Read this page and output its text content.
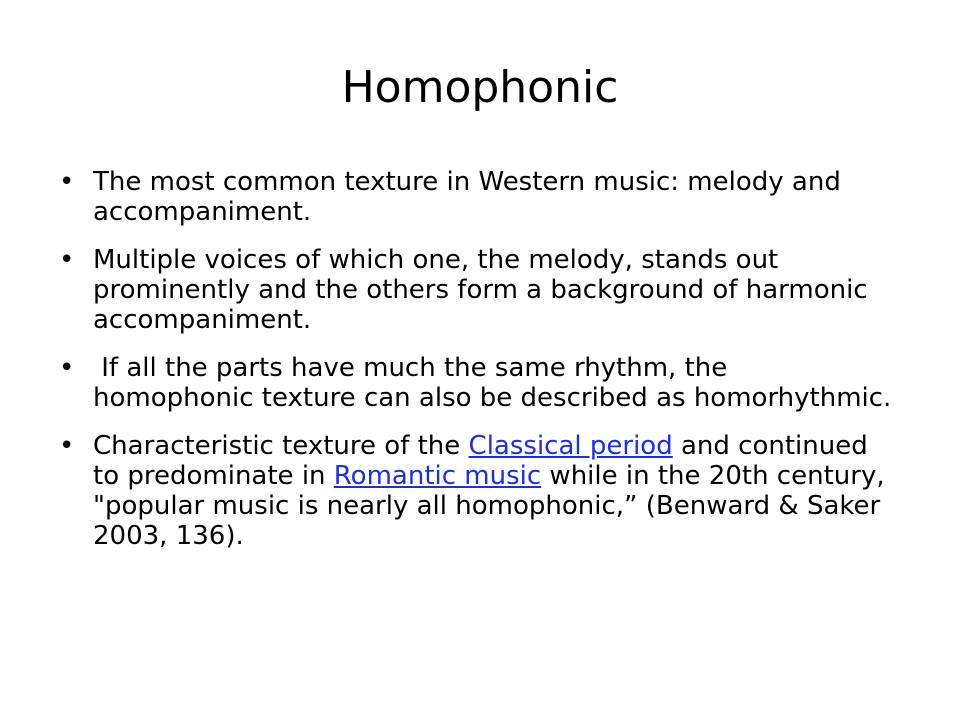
Homophonic
• The most common texture in Western music: melody and accompaniment.
• Multiple voices of which one, the melody, stands out prominently and the others form a background of harmonic accompaniment.
• If all the parts have much the same rhythm, the homophonic texture can also be described as homorhythmic.
• Characteristic texture of the Classical period and continued to predominate in Romantic music while in the 20th century, "popular music is nearly all homophonic,” (Benward & Saker 2003, 136).
